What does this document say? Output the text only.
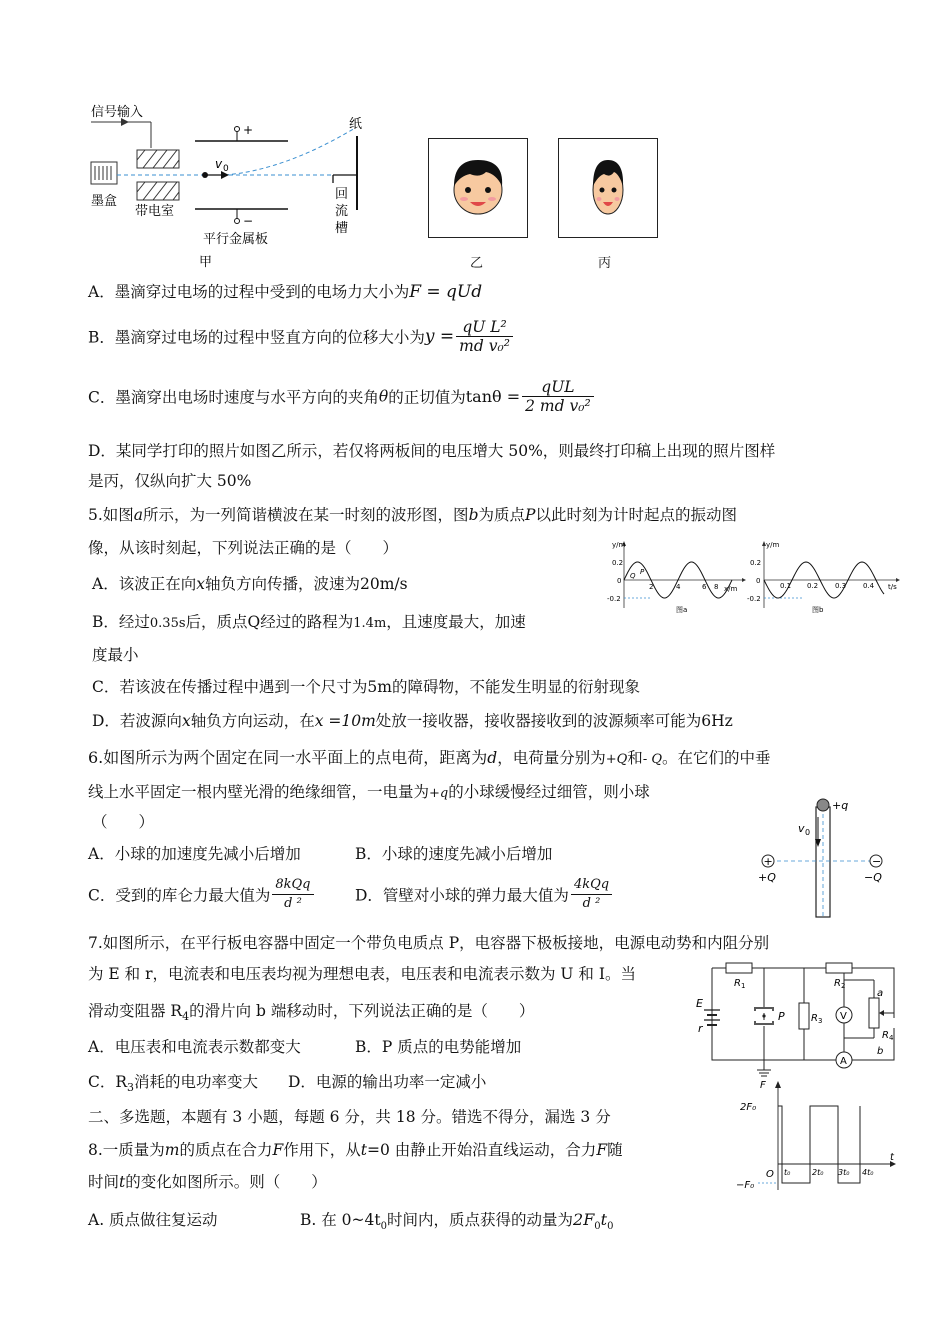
信号输入
墨盒
带电室
v 0
+
−
平行金属板
纸
回
流
槽
甲	乙	丙
A．墨滴穿过电场的过程中受到的电场力大小为F = qUd
B．墨滴穿过电场的过程中竖直方向的位移大小为$y = \frac{\text{qU L²}}{\text{md v₀²}}$
C．墨滴穿出电场时速度与水平方向的夹角θ的正切值为$\tan\theta = \frac{\text{qUL}}{\text{2 md v₀²}}$
D．某同学打印的照片如图乙所示，若仅将两板间的电压增大 50%，则最终打印稿上出现的照片图样
是丙，仅纵向扩大 50%
5.如图a所示，为一列简谐横波在某一时刻的波形图，图b为质点P以此时刻为计时起点的振动图
像，从该时刻起，下列说法正确的是（　　）
A．该波正在向x轴负方向传播，波速为20m/s
B．经过0.35s后，质点Q经过的路程为1.4m，且速度最大，加速
度最小
C．若该波在传播过程中遇到一个尺寸为5m的障碍物，不能发生明显的衍射现象
D．若波源向x轴负方向运动，在x =10m处放一接收器，接收器接收到的波源频率可能为6Hz
y/m
x/m
0.2
0
-0.2
Q P
2	4	6 8
图a
y/m
t/s
0.2
0
-0.2
0.1 0.2 0.3 0.4
图b
6.如图所示为两个固定在同一水平面上的点电荷，距离为d，电荷量分别为+Q和- Q。在它们的中垂
线上水平固定一根内壁光滑的绝缘细管，一电量为+q的小球缓慢经过细管，则小球
（　　）
A．小球的加速度先减小后增加	B．小球的速度先减小后增加
C．受到的库仑力最大值为 $\frac{\text{8kQq}}{\text{d ²}}$	D．管壁对小球的弹力最大值为 $\frac{\text{4kQq}}{\text{d ²}}$
+q
v 0
+	−
+Q	−Q
7.如图所示，在平行板电容器中固定一个带负电质点 P，电容器下极板接地，电源电动势和内阻分别
为 E 和 r，电流表和电压表均视为理想电表，电压表和电流表示数为 U 和 I。当
滑动变阻器 $R_4$的滑片向 b 端移动时，下列说法正确的是（　　）
A．电压表和电流表示数都变大	B．P 质点的电势能增加
C．$R_3$消耗的电功率变大 D．电源的输出功率一定减小
V
A
E
r
R 1	R 2
R 3
R 4
P
a
b
二、多选题，本题有 3 小题，每题 6 分，共 18 分。错选不得分，漏选 3 分
8.一质量为m的质点在合力F作用下，从t=0 由静止开始沿直线运动，合力F随
时间t的变化如图所示。则（　　）
A. 质点做往复运动	B. 在 $0\sim 4t_0$时间内，质点获得的动量为$2F_0t_0$
F
t
O
2F₀
−F₀
t₀	2t₀ 3t₀ 4t₀
